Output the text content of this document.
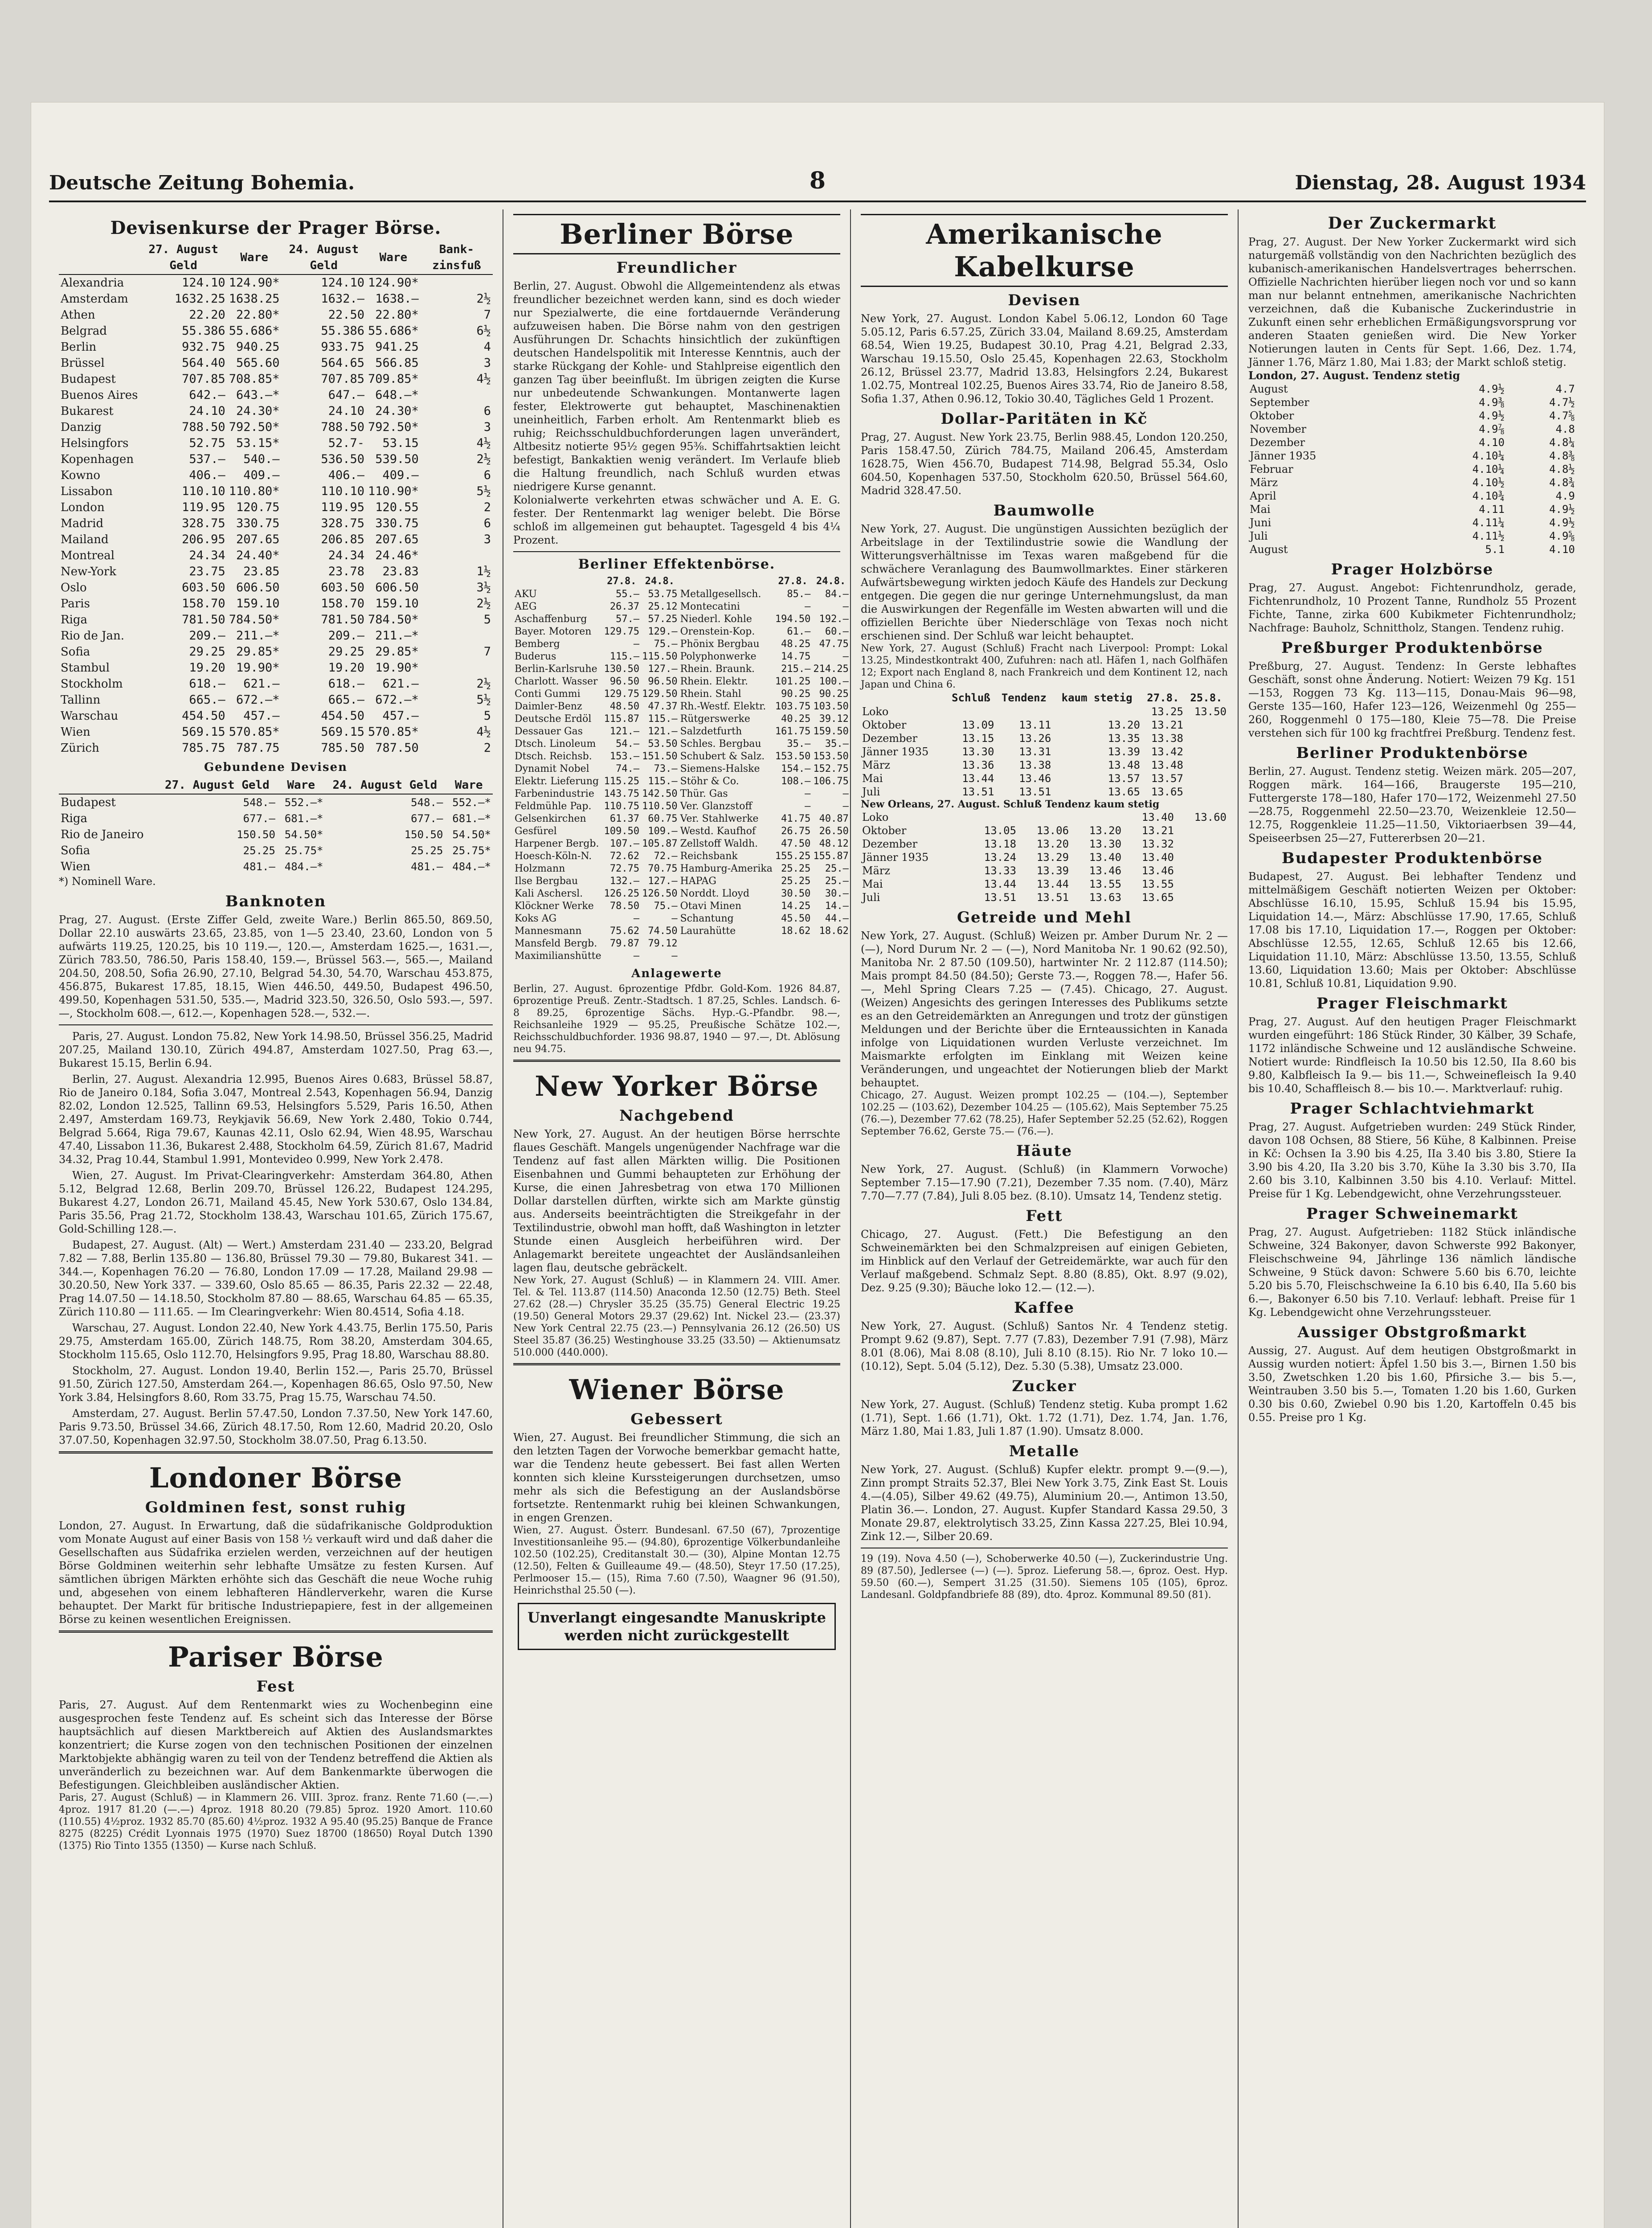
Deutsche Zeitung Bohemia.	8	Dienstag, 28. August 1934
Devisenkurse der Prager Börse.
	27. August Geld	Ware	24. August Geld	Ware	Bank-zinsfuß
Alexandria	124.10	124.90*	124.10	124.90*	
Amsterdam	1632.25	1638.25	1632.—	1638.—	2½
Athen	22.20	22.80*	22.50	22.80*	7
Belgrad	55.386	55.686*	55.386	55.686*	6½
Berlin	932.75	940.25	933.75	941.25	4
Brüssel	564.40	565.60	564.65	566.85	3
Budapest	707.85	708.85*	707.85	709.85*	4½
Buenos Aires	642.—	643.—*	647.—	648.—*	
Bukarest	24.10	24.30*	24.10	24.30*	6
Danzig	788.50	792.50*	788.50	792.50*	3
Helsingfors	52.75	53.15*	52.7-	53.15	4½
Kopenhagen	537.—	540.—	536.50	539.50	2½
Kowno	406.—	409.—	406.—	409.—	6
Lissabon	110.10	110.80*	110.10	110.90*	5½
London	119.95	120.75	119.95	120.55	2
Madrid	328.75	330.75	328.75	330.75	6
Mailand	206.95	207.65	206.85	207.65	3
Montreal	24.34	24.40*	24.34	24.46*	
New-York	23.75	23.85	23.78	23.83	1½
Oslo	603.50	606.50	603.50	606.50	3½
Paris	158.70	159.10	158.70	159.10	2½
Riga	781.50	784.50*	781.50	784.50*	5
Rio de Jan.	209.—	211.—*	209.—	211.—*	
Sofia	29.25	29.85*	29.25	29.85*	7
Stambul	19.20	19.90*	19.20	19.90*	
Stockholm	618.—	621.—	618.—	621.—	2½
Tallinn	665.—	672.—*	665.—	672.—*	5½
Warschau	454.50	457.—	454.50	457.—	5
Wien	569.15	570.85*	569.15	570.85*	4½
Zürich	785.75	787.75	785.50	787.50	2
Gebundene Devisen
	27. August Geld	Ware	24. August Geld	Ware
Budapest	548.—	552.—*	548.—	552.—*
Riga	677.—	681.—*	677.—	681.—*
Rio de Janeiro	150.50	54.50*	150.50	54.50*
Sofia	25.25	25.75*	25.25	25.75*
Wien	481.—	484.—*	481.—	484.—*
*) Nominell Ware.
Banknoten
Prag, 27. August. (Erste Ziffer Geld, zweite Ware.) Berlin 865.50, 869.50, Dollar 22.10 auswärts 23.65, 23.85, von 1—5 23.40, 23.60, London von 5 aufwärts 119.25, 120.25, bis 10 119.—, 120.—, Amsterdam 1625.—, 1631.—, Zürich 783.50, 786.50, Paris 158.40, 159.—, Brüssel 563.—, 565.—, Mailand 204.50, 208.50, Sofia 26.90, 27.10, Belgrad 54.30, 54.70, Warschau 453.875, 456.875, Bukarest 17.85, 18.15, Wien 446.50, 449.50, Budapest 496.50, 499.50, Kopenhagen 531.50, 535.—, Madrid 323.50, 326.50, Oslo 593.—, 597.—, Stockholm 608.—, 612.—, Kopenhagen 528.—, 532.—.

Paris, 27. August. London 75.82, New York 14.98.50, Brüssel 356.25, Madrid 207.25, Mailand 130.10, Zürich 494.87, Amsterdam 1027.50, Prag 63.—, Bukarest 15.15, Berlin 6.94.

Berlin, 27. August. Alexandria 12.995, Buenos Aires 0.683, Brüssel 58.87, Rio de Janeiro 0.184, Sofia 3.047, Montreal 2.543, Kopenhagen 56.94, Danzig 82.02, London 12.525, Tallinn 69.53, Helsingfors 5.529, Paris 16.50, Athen 2.497, Amsterdam 169.73, Reykjavik 56.69, New York 2.480, Tokio 0.744, Belgrad 5.664, Riga 79.67, Kaunas 42.11, Oslo 62.94, Wien 48.95, Warschau 47.40, Lissabon 11.36, Bukarest 2.488, Stockholm 64.59, Zürich 81.67, Madrid 34.32, Prag 10.44, Stambul 1.991, Montevideo 0.999, New York 2.478.

Wien, 27. August. Im Privat-Clearingverkehr: Amsterdam 364.80, Athen 5.12, Belgrad 12.68, Berlin 209.70, Brüssel 126.22, Budapest 124.295, Bukarest 4.27, London 26.71, Mailand 45.45, New York 530.67, Oslo 134.84, Paris 35.56, Prag 21.72, Stockholm 138.43, Warschau 101.65, Zürich 175.67, Gold-Schilling 128.—.

Budapest, 27. August. (Alt) — Wert.) Amsterdam 231.40 — 233.20, Belgrad 7.82 — 7.88, Berlin 135.80 — 136.80, Brüssel 79.30 — 79.80, Bukarest 341. — 344.—, Kopenhagen 76.20 — 76.80, London 17.09 — 17.28, Mailand 29.98 — 30.20.50, New York 337. — 339.60, Oslo 85.65 — 86.35, Paris 22.32 — 22.48, Prag 14.07.50 — 14.18.50, Stockholm 87.80 — 88.65, Warschau 64.85 — 65.35, Zürich 110.80 — 111.65. — Im Clearingverkehr: Wien 80.4514, Sofia 4.18.

Warschau, 27. August. London 22.40, New York 4.43.75, Berlin 175.50, Paris 29.75, Amsterdam 165.00, Zürich 148.75, Rom 38.20, Amsterdam 304.65, Stockholm 115.65, Oslo 112.70, Helsingfors 9.95, Prag 18.80, Warschau 88.80.

Stockholm, 27. August. London 19.40, Berlin 152.—, Paris 25.70, Brüssel 91.50, Zürich 127.50, Amsterdam 264.—, Kopenhagen 86.65, Oslo 97.50, New York 3.84, Helsingfors 8.60, Rom 33.75, Prag 15.75, Warschau 74.50.

Amsterdam, 27. August. Berlin 57.47.50, London 7.37.50, New York 147.60, Paris 9.73.50, Brüssel 34.66, Zürich 48.17.50, Rom 12.60, Madrid 20.20, Oslo 37.07.50, Kopenhagen 32.97.50, Stockholm 38.07.50, Prag 6.13.50.

Londoner Börse
Goldminen fest, sonst ruhig
London, 27. August. In Erwartung, daß die südafrikanische Goldproduktion vom Monate August auf einer Basis von 158 ½ verkauft wird und daß daher die Gesellschaften aus Südafrika erzielen werden, verzeichnen auf der heutigen Börse Goldminen weiterhin sehr lebhafte Umsätze zu festen Kursen. Auf sämtlichen übrigen Märkten erhöhte sich das Geschäft die neue Woche ruhig und, abgesehen von einem lebhafteren Händlerverkehr, waren die Kurse behauptet. Der Markt für britische Industriepapiere, fest in der allgemeinen Börse zu keinen wesentlichen Ereignissen.
Pariser Börse
Fest
Paris, 27. August. Auf dem Rentenmarkt wies zu Wochenbeginn eine ausgesprochen feste Tendenz auf. Es scheint sich das Interesse der Börse hauptsächlich auf diesen Marktbereich auf Aktien des Auslandsmarktes konzentriert; die Kurse zogen von den technischen Positionen der einzelnen Marktobjekte abhängig waren zu teil von der Tendenz betreffend die Aktien als unveränderlich zu bezeichnen war. Auf dem Bankenmarkte überwogen die Befestigungen. Gleichbleiben ausländischer Aktien.
Paris, 27. August (Schluß) — in Klammern 26. VIII. 3proz. franz. Rente 71.60 (—.—) 4proz. 1917 81.20 (—.—) 4proz. 1918 80.20 (79.85) 5proz. 1920 Amort. 110.60 (110.55) 4½proz. 1932 85.70 (85.60) 4½proz. 1932 A 95.40 (95.25) Banque de France 8275 (8225) Crédit Lyonnais 1975 (1970) Suez 18700 (18650) Royal Dutch 1390 (1375) Rio Tinto 1355 (1350) — Kurse nach Schluß.
Berliner Börse
Freundlicher
Berlin, 27. August. Obwohl die Allgemeintendenz als etwas freundlicher bezeichnet werden kann, sind es doch wieder nur Spezialwerte, die eine fortdauernde Veränderung aufzuweisen haben. Die Börse nahm von den gestrigen Ausführungen Dr. Schachts hinsichtlich der zukünftigen deutschen Handelspolitik mit Interesse Kenntnis, auch der starke Rückgang der Kohle- und Stahlpreise eigentlich den ganzen Tag über beeinflußt. Im übrigen zeigten die Kurse nur unbedeutende Schwankungen. Montanwerte lagen fester, Elektrowerte gut behauptet, Maschinenaktien uneinheitlich, Farben erholt. Am Rentenmarkt blieb es ruhig; Reichsschuldbuchforderungen lagen unverändert, Altbesitz notierte 95½ gegen 95⅜. Schiffahrtsaktien leicht befestigt, Bankaktien wenig verändert. Im Verlaufe blieb die Haltung freundlich, nach Schluß wurden etwas niedrigere Kurse genannt.
Kolonialwerte verkehrten etwas schwächer und A. E. G. fester. Der Rentenmarkt lag weniger belebt. Die Börse schloß im allgemeinen gut behauptet. Tagesgeld 4 bis 4¼ Prozent.
Berliner Effektenbörse.
	27.8.	24.8.		27.8.	24.8.
AKU	55.—	53.75	Metallgesellsch.	85.—	84.—
AEG	26.37	25.12	Montecatini	—	—
Aschaffenburg	57.—	57.25	Niederl. Kohle	194.50	192.—
Bayer. Motoren	129.75	129.—	Orenstein-Kop.	61.—	60.—
Bemberg	—	75.—	Phönix Bergbau	48.25	47.75
Buderus	115.—	115.50	Polyphonwerke	14.75	—
Berlin-Karlsruhe	130.50	127.—	Rhein. Braunk.	215.—	214.25
Charlott. Wasser	96.50	96.50	Rhein. Elektr.	101.25	100.—
Conti Gummi	129.75	129.50	Rhein. Stahl	90.25	90.25
Daimler-Benz	48.50	47.37	Rh.-Westf. Elektr.	103.75	103.50
Deutsche Erdöl	115.87	115.—	Rütgerswerke	40.25	39.12
Dessauer Gas	121.—	121.—	Salzdetfurth	161.75	159.50
Dtsch. Linoleum	54.—	53.50	Schles. Bergbau	35.—	35.—
Dtsch. Reichsb.	153.—	151.50	Schubert & Salz.	153.50	153.50
Dynamit Nobel	74.—	73.—	Siemens-Halske	154.—	152.75
Elektr. Lieferung	115.25	115.—	Stöhr & Co.	108.—	106.75
Farbenindustrie	143.75	142.50	Thür. Gas	—	—
Feldmühle Pap.	110.75	110.50	Ver. Glanzstoff	—	—
Gelsenkirchen	61.37	60.75	Ver. Stahlwerke	41.75	40.87
Gesfürel	109.50	109.—	Westd. Kaufhof	26.75	26.50
Harpener Bergb.	107.—	105.87	Zellstoff Waldh.	47.50	48.12
Hoesch-Köln-N.	72.62	72.—	Reichsbank	155.25	155.87
Holzmann	72.75	70.75	Hamburg-Amerika	25.25	25.—
Ilse Bergbau	132.—	127.—	HAPAG	25.25	25.—
Kali Aschersl.	126.25	126.50	Norddt. Lloyd	30.50	30.—
Klöckner Werke	78.50	75.—	Otavi Minen	14.25	14.—
Koks AG	—	—	Schantung	45.50	44.—
Mannesmann	75.62	74.50	Laurahütte	18.62	18.62
Mansfeld Bergb.	79.87	79.12			
Maximilianshütte	—	—			
Anlagewerte
Berlin, 27. August. 6prozentige Pfdbr. Gold-Kom. 1926 84.87, 6prozentige Preuß. Zentr.-Stadtsch. 1 87.25, Schles. Landsch. 6-8 89.25, 6prozentige Sächs. Hyp.-G.-Pfandbr. 98.—, Reichsanleihe 1929 — 95.25, Preußische Schätze 102.—, Reichsschuldbuchforder. 1936 98.87, 1940 — 97.—, Dt. Ablösung neu 94.75.
New Yorker Börse
Nachgebend
New York, 27. August. An der heutigen Börse herrschte flaues Geschäft. Mangels ungenügender Nachfrage war die Tendenz auf fast allen Märkten willig. Die Positionen Eisenbahnen und Gummi behaupteten zur Erhöhung der Kurse, die einen Jahresbetrag von etwa 170 Millionen Dollar darstellen dürften, wirkte sich am Markte günstig aus. Anderseits beeinträchtigten die Streikgefahr in der Textilindustrie, obwohl man hofft, daß Washington in letzter Stunde einen Ausgleich herbeiführen wird. Der Anlagemarkt bereitete ungeachtet der Ausländsanleihen lagen flau, deutsche gebräckelt.
New York, 27. August (Schluß) — in Klammern 24. VIII. Amer. Tel. & Tel. 113.87 (114.50) Anaconda 12.50 (12.75) Beth. Steel 27.62 (28.—) Chrysler 35.25 (35.75) General Electric 19.25 (19.50) General Motors 29.37 (29.62) Int. Nickel 23.— (23.37) New York Central 22.75 (23.—) Pennsylvania 26.12 (26.50) US Steel 35.87 (36.25) Westinghouse 33.25 (33.50) — Aktienumsatz 510.000 (440.000).
Wiener Börse
Gebessert
Wien, 27. August. Bei freundlicher Stimmung, die sich an den letzten Tagen der Vorwoche bemerkbar gemacht hatte, war die Tendenz heute gebessert. Bei fast allen Werten konnten sich kleine Kurssteigerungen durchsetzen, umso mehr als sich die Befestigung an der Auslandsbörse fortsetzte. Rentenmarkt ruhig bei kleinen Schwankungen, in engen Grenzen.
Wien, 27. August. Österr. Bundesanl. 67.50 (67), 7prozentige Investitionsanleihe 95.— (94.80), 6prozentige Völkerbundanleihe 102.50 (102.25), Creditanstalt 30.— (30), Alpine Montan 12.75 (12.50), Felten & Guilleaume 49.— (48.50), Steyr 17.50 (17.25), Perlmooser 15.— (15), Rima 7.60 (7.50), Waagner 96 (91.50), Heinrichsthal 25.50 (—).
Unverlangt eingesandte Manuskripte werden nicht zurückgestellt
Amerikanische Kabelkurse
Devisen
New York, 27. August. London Kabel 5.06.12, London 60 Tage 5.05.12, Paris 6.57.25, Zürich 33.04, Mailand 8.69.25, Amsterdam 68.54, Wien 19.25, Budapest 30.10, Prag 4.21, Belgrad 2.33, Warschau 19.15.50, Oslo 25.45, Kopenhagen 22.63, Stockholm 26.12, Brüssel 23.77, Madrid 13.83, Helsingfors 2.24, Bukarest 1.02.75, Montreal 102.25, Buenos Aires 33.74, Rio de Janeiro 8.58, Sofia 1.37, Athen 0.96.12, Tokio 30.40, Tägliches Geld 1 Prozent.
Dollar-Paritäten in Kč
Prag, 27. August. New York 23.75, Berlin 988.45, London 120.250, Paris 158.47.50, Zürich 784.75, Mailand 206.45, Amsterdam 1628.75, Wien 456.70, Budapest 714.98, Belgrad 55.34, Oslo 604.50, Kopenhagen 537.50, Stockholm 620.50, Brüssel 564.60, Madrid 328.47.50.
Baumwolle
New York, 27. August. Die ungünstigen Aussichten bezüglich der Arbeitslage in der Textilindustrie sowie die Wandlung der Witterungsverhältnisse im Texas waren maßgebend für die schwächere Veranlagung des Baumwollmarktes. Einer stärkeren Aufwärtsbewegung wirkten jedoch Käufe des Handels zur Deckung entgegen. Die gegen die nur geringe Unternehmungslust, da man die Auswirkungen der Regenfälle im Westen abwarten will und die offiziellen Berichte über Niederschläge von Texas noch nicht erschienen sind. Der Schluß war leicht behauptet.
New York, 27. August (Schluß) Fracht nach Liverpool: Prompt: Lokal 13.25, Mindestkontrakt 400, Zufuhren: nach atl. Häfen 1, nach Golfhäfen 12; Export nach England 8, nach Frankreich und dem Kontinent 12, nach Japan und China 6.
	Schluß	Tendenz	kaum stetig	27.8.	25.8.
Loko				13.25	13.50
Oktober	13.09	13.11	13.20	13.21	
Dezember	13.15	13.26	13.35	13.38	
Jänner 1935	13.30	13.31	13.39	13.42	
März	13.36	13.38	13.48	13.48	
Mai	13.44	13.46	13.57	13.57	
Juli	13.51	13.51	13.65	13.65	
New Orleans, 27. August. Schluß Tendenz kaum stetig
Loko				13.40	13.60
Oktober	13.05	13.06	13.20	13.21	
Dezember	13.18	13.20	13.30	13.32	
Jänner 1935	13.24	13.29	13.40	13.40	
März	13.33	13.39	13.46	13.46	
Mai	13.44	13.44	13.55	13.55	
Juli	13.51	13.51	13.63	13.65	
Getreide und Mehl
New York, 27. August. (Schluß) Weizen pr. Amber Durum Nr. 2 — (—), Nord Durum Nr. 2 — (—), Nord Manitoba Nr. 1 90.62 (92.50), Manitoba Nr. 2 87.50 (109.50), hartwinter Nr. 2 112.87 (114.50); Mais prompt 84.50 (84.50); Gerste 73.—, Roggen 78.—, Hafer 56.—, Mehl Spring Clears 7.25 — (7.45). Chicago, 27. August. (Weizen) Angesichts des geringen Interesses des Publikums setzte es an den Getreidemärkten an Anregungen und trotz der günstigen Meldungen und der Berichte über die Ernteaussichten in Kanada infolge von Liquidationen wurden Verluste verzeichnet. Im Maismarkte erfolgten im Einklang mit Weizen keine Veränderungen, und ungeachtet der Notierungen blieb der Markt behauptet.
Chicago, 27. August. Weizen prompt 102.25 — (104.—), September 102.25 — (103.62), Dezember 104.25 — (105.62), Mais September 75.25 (76.—), Dezember 77.62 (78.25), Hafer September 52.25 (52.62), Roggen September 76.62, Gerste 75.— (76.—).
Häute
New York, 27. August. (Schluß) (in Klammern Vorwoche) September 7.15—17.90 (7.21), Dezember 7.35 nom. (7.40), März 7.70—7.77 (7.84), Juli 8.05 bez. (8.10). Umsatz 14, Tendenz stetig.
Fett
Chicago, 27. August. (Fett.) Die Befestigung an den Schweinemärkten bei den Schmalzpreisen auf einigen Gebieten, im Hinblick auf den Verlauf der Getreidemärkte, war auch für den Verlauf maßgebend. Schmalz Sept. 8.80 (8.85), Okt. 8.97 (9.02), Dez. 9.25 (9.30); Bäuche loko 12.— (12.—).
Kaffee
New York, 27. August. (Schluß) Santos Nr. 4 Tendenz stetig. Prompt 9.62 (9.87), Sept. 7.77 (7.83), Dezember 7.91 (7.98), März 8.01 (8.06), Mai 8.08 (8.10), Juli 8.10 (8.15). Rio Nr. 7 loko 10.— (10.12), Sept. 5.04 (5.12), Dez. 5.30 (5.38), Umsatz 23.000.
Zucker
New York, 27. August. (Schluß) Tendenz stetig. Kuba prompt 1.62 (1.71), Sept. 1.66 (1.71), Okt. 1.72 (1.71), Dez. 1.74, Jan. 1.76, März 1.80, Mai 1.83, Juli 1.87 (1.90). Umsatz 8.000.
Metalle
New York, 27. August. (Schluß) Kupfer elektr. prompt 9.—(9.—), Zinn prompt Straits 52.37, Blei New York 3.75, Zink East St. Louis 4.—(4.05), Silber 49.62 (49.75), Aluminium 20.—, Antimon 13.50, Platin 36.—. London, 27. August. Kupfer Standard Kassa 29.50, 3 Monate 29.87, elektrolytisch 33.25, Zinn Kassa 227.25, Blei 10.94, Zink 12.—, Silber 20.69.
19 (19). Nova 4.50 (—), Schoberwerke 40.50 (—), Zuckerindustrie Ung. 89 (87.50), Jedlersee (—) (—). 5proz. Lieferung 58.—, 6proz. Oest. Hyp. 59.50 (60.—), Sempert 31.25 (31.50). Siemens 105 (105), 6proz. Landesanl. Goldpfandbriefe 88 (89), dto. 4proz. Kommunal 89.50 (81).
Der Zuckermarkt
Prag, 27. August. Der New Yorker Zuckermarkt wird sich naturgemäß vollständig von den Nachrichten bezüglich des kubanisch-amerikanischen Handelsvertrages beherrschen. Offizielle Nachrichten hierüber liegen noch vor und so kann man nur belannt entnehmen, amerikanische Nachrichten verzeichnen, daß die Kubanische Zuckerindustrie in Zukunft einen sehr erheblichen Ermäßigungsvorsprung vor anderen Staaten genießen wird. Die New Yorker Notierungen lauten in Cents für Sept. 1.66, Dez. 1.74, Jänner 1.76, März 1.80, Mai 1.83; der Markt schloß stetig.
London, 27. August. Tendenz stetig
August	4.9½	4.7
September	4.9⅜	4.7½
Oktober	4.9½	4.7⅝
November	4.9⅞	4.8
Dezember	4.10	4.8¼
Jänner 1935	4.10¼	4.8⅜
Februar	4.10¼	4.8½
März	4.10½	4.8¾
April	4.10¾	4.9
Mai	4.11	4.9½
Juni	4.11¼	4.9½
Juli	4.11½	4.9⅝
August	5.1	4.10
Prager Holzbörse
Prag, 27. August. Angebot: Fichtenrundholz, gerade, Fichtenrundholz, 10 Prozent Tanne, Rundholz 55 Prozent Fichte, Tanne, zirka 600 Kubikmeter Fichtenrundholz; Nachfrage: Bauholz, Schnittholz, Stangen. Tendenz ruhig.
Preßburger Produktenbörse
Preßburg, 27. August. Tendenz: In Gerste lebhaftes Geschäft, sonst ohne Änderung. Notiert: Weizen 79 Kg. 151—153, Roggen 73 Kg. 113—115, Donau-Mais 96—98, Gerste 135—160, Hafer 123—126, Weizenmehl 0g 255—260, Roggenmehl 0 175—180, Kleie 75—78. Die Preise verstehen sich für 100 kg frachtfrei Preßburg. Tendenz fest.
Berliner Produktenbörse
Berlin, 27. August. Tendenz stetig. Weizen märk. 205—207, Roggen märk. 164—166, Braugerste 195—210, Futtergerste 178—180, Hafer 170—172, Weizenmehl 27.50—28.75, Roggenmehl 22.50—23.70, Weizenkleie 12.50—12.75, Roggenkleie 11.25—11.50, Viktoriaerbsen 39—44, Speiseerbsen 25—27, Futtererbsen 20—21.
Budapester Produktenbörse
Budapest, 27. August. Bei lebhafter Tendenz und mittelmäßigem Geschäft notierten Weizen per Oktober: Abschlüsse 16.10, 15.95, Schluß 15.94 bis 15.95, Liquidation 14.—, März: Abschlüsse 17.90, 17.65, Schluß 17.08 bis 17.10, Liquidation 17.—, Roggen per Oktober: Abschlüsse 12.55, 12.65, Schluß 12.65 bis 12.66, Liquidation 11.10, März: Abschlüsse 13.50, 13.55, Schluß 13.60, Liquidation 13.60; Mais per Oktober: Abschlüsse 10.81, Schluß 10.81, Liquidation 9.90.
Prager Fleischmarkt
Prag, 27. August. Auf den heutigen Prager Fleischmarkt wurden eingeführt: 186 Stück Rinder, 30 Kälber, 39 Schafe, 1172 inländische Schweine und 12 ausländische Schweine. Notiert wurde: Rindfleisch Ia 10.50 bis 12.50, IIa 8.60 bis 9.80, Kalbfleisch Ia 9.— bis 11.—, Schweinefleisch Ia 9.40 bis 10.40, Schaffleisch 8.— bis 10.—. Marktverlauf: ruhig.
Prager Schlachtviehmarkt
Prag, 27. August. Aufgetrieben wurden: 249 Stück Rinder, davon 108 Ochsen, 88 Stiere, 56 Kühe, 8 Kalbinnen. Preise in Kč: Ochsen Ia 3.90 bis 4.25, IIa 3.40 bis 3.80, Stiere Ia 3.90 bis 4.20, IIa 3.20 bis 3.70, Kühe Ia 3.30 bis 3.70, IIa 2.60 bis 3.10, Kalbinnen 3.50 bis 4.10. Verlauf: Mittel. Preise für 1 Kg. Lebendgewicht, ohne Verzehrungssteuer.
Prager Schweinemarkt
Prag, 27. August. Aufgetrieben: 1182 Stück inländische Schweine, 324 Bakonyer, davon Schwerste 992 Bakonyer, Fleischschweine 94, Jährlinge 136 nämlich ländische Schweine, 9 Stück davon: Schwere 5.60 bis 6.70, leichte 5.20 bis 5.70, Fleischschweine Ia 6.10 bis 6.40, IIa 5.60 bis 6.—, Bakonyer 6.50 bis 7.10. Verlauf: lebhaft. Preise für 1 Kg. Lebendgewicht ohne Verzehrungssteuer.
Aussiger Obstgroßmarkt
Aussig, 27. August. Auf dem heutigen Obstgroßmarkt in Aussig wurden notiert: Äpfel 1.50 bis 3.—, Birnen 1.50 bis 3.50, Zwetschken 1.20 bis 1.60, Pfirsiche 3.— bis 5.—, Weintrauben 3.50 bis 5.—, Tomaten 1.20 bis 1.60, Gurken 0.30 bis 0.60, Zwiebel 0.90 bis 1.20, Kartoffeln 0.45 bis 0.55. Preise pro 1 Kg.
